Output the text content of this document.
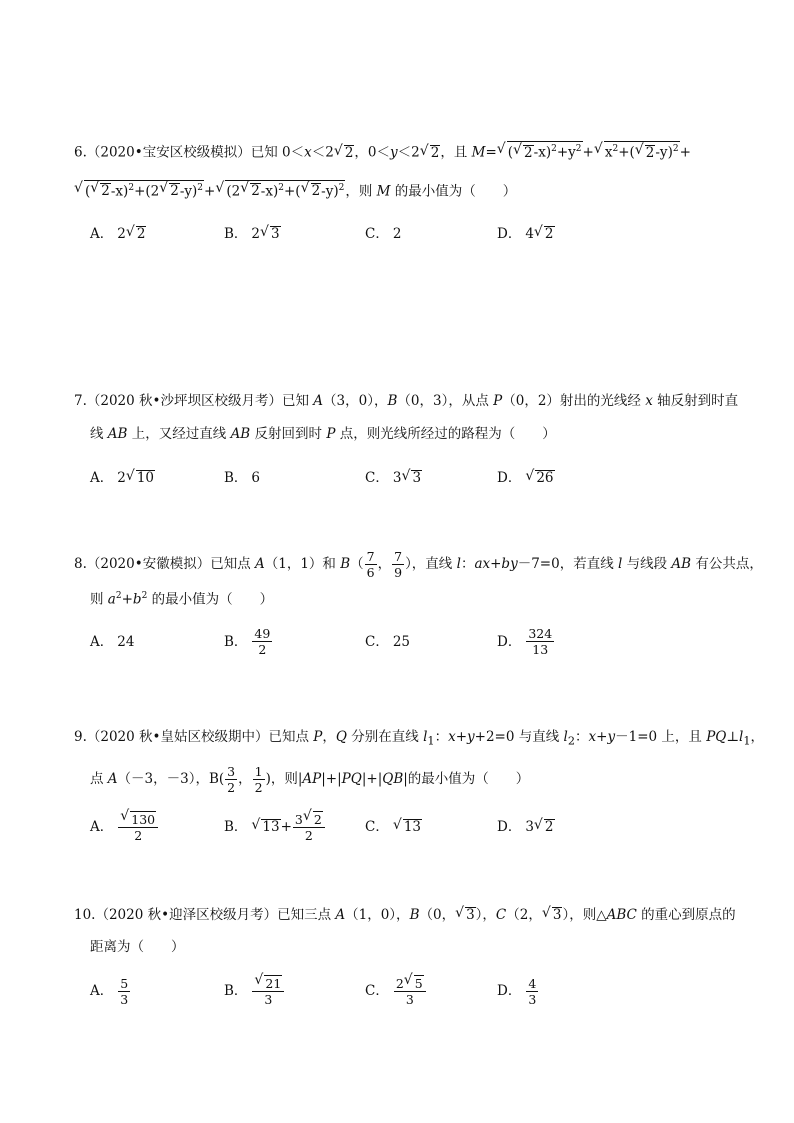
6.（2020•宝安区校级模拟）已知 0＜x＜2√ 2，0＜y＜2√ 2，且 M=√ (√ $2-x)^2+y^2+√$ $x^2+(√$ 2-y)$^2$+
√ (√ 2-x)$^2$+(2√ 2-y)$^2$+√ (2√ 2-x)$^2$+(√ 2-y)$^2$，则 M 的最小值为（　　）
A． 2
√ 2	B． 2
√ 3	C． 2	D． 4
√ 2
7.（2020 秋•沙坪坝区校级月考）已知 A（3，0），B（0，3），从点 P（0，2）射出的光线经 x 轴反射到时直
线 AB 上，又经过直线 AB 反射回到时 P 点，则光线所经过的路程为（　　）
A． 2
√ 10	B． 6	C． 3
√ 3	D．
√	26
8.（2020•安徽模拟）已知点 A（1，1）和 $B( \frac{7}{6}$ ， $\frac{7}{9}$ ），直线 l：ax+by－7=0，若直线 l 与线段 AB 有公共点，
则 $a^2+b^2$ 的最小值为（　　）
A． 24	B． $\frac{49}{2}$	C． 25	D． $\frac{324}{13}$
9.（2020 秋•皇姑区校级期中）已知点 P，Q 分别在直线 $l_1$：x+y+2=0 与直线 $l_2$：x+y－1=0 上，且 $PQ\perp l_1$，
点 A（－3，－3），$B( \frac{3}{2}$ ， $\frac{1}{2}$ )，则|AP|+|PQ|+|QB|的最小值为（　　）
A．
√ $\frac{130}{2}$	B．
√	$13 + \frac{3√ 2}{2}$	C．
√	13	D． 3
√ 2
10.（2020 秋•迎泽区校级月考）已知三点 A（1，0），B（0，√ 3），C（2，√ 3），则△ABC 的重心到原点的
距离为（　　）
A． $\frac{5}{3}$	B．
√ $\frac{21}{3}$	C． $\frac{2√ 5}{3}$	D． $\frac{4}{3}$
